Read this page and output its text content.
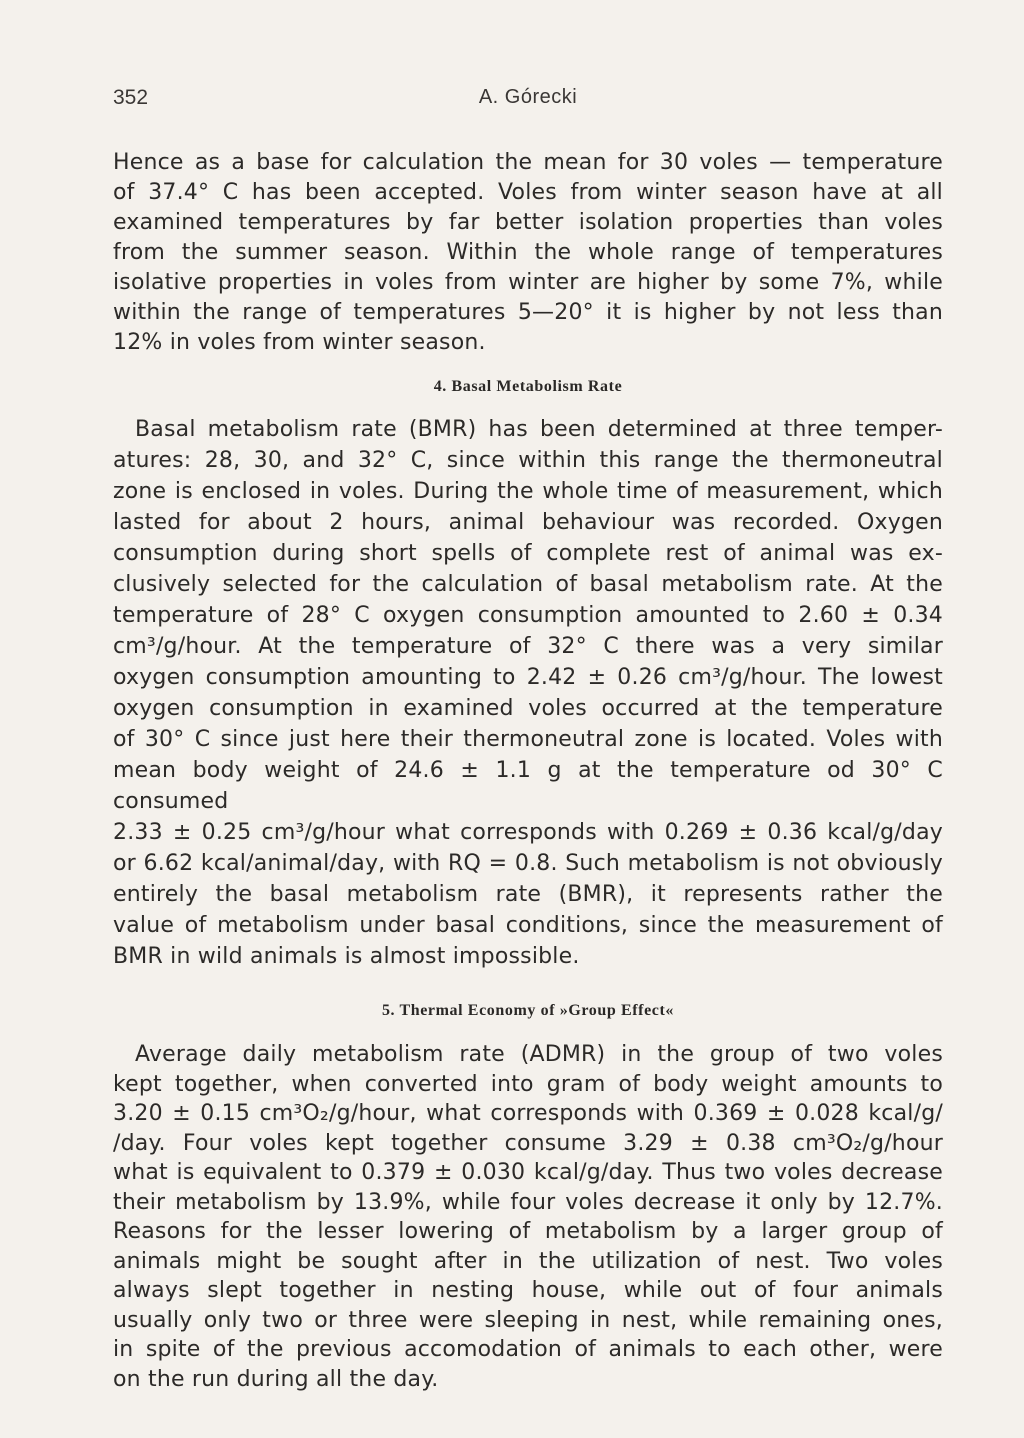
352	A. Górecki
Hence as a base for calculation the mean for 30 voles — temperature
of 37.4° C has been accepted. Voles from winter season have at all
examined temperatures by far better isolation properties than voles
from the summer season. Within the whole range of temperatures
isolative properties in voles from winter are higher by some 7%, while
within the range of temperatures 5—20° it is higher by not less than
12% in voles from winter season.
4. Basal Metabolism Rate
Basal metabolism rate (BMR) has been determined at three temper-
atures: 28, 30, and 32° C, since within this range the thermoneutral
zone is enclosed in voles. During the whole time of measurement, which
lasted for about 2 hours, animal behaviour was recorded. Oxygen
consumption during short spells of complete rest of animal was ex-
clusively selected for the calculation of basal metabolism rate. At the
temperature of 28° C oxygen consumption amounted to 2.60 ± 0.34
cm³/g/hour. At the temperature of 32° C there was a very similar
oxygen consumption amounting to 2.42 ± 0.26 cm³/g/hour. The lowest
oxygen consumption in examined voles occurred at the temperature
of 30° C since just here their thermoneutral zone is located. Voles with
mean body weight of 24.6 ± 1.1 g at the temperature od 30° C consumed
2.33 ± 0.25 cm³/g/hour what corresponds with 0.269 ± 0.36 kcal/g/day
or 6.62 kcal/animal/day, with RQ = 0.8. Such metabolism is not obviously
entirely the basal metabolism rate (BMR), it represents rather the
value of metabolism under basal conditions, since the measurement of
BMR in wild animals is almost impossible.
5. Thermal Economy of »Group Effect«
Average daily metabolism rate (ADMR) in the group of two voles
kept together, when converted into gram of body weight amounts to
3.20 ± 0.15 cm³O₂/g/hour, what corresponds with 0.369 ± 0.028 kcal/g/
/day. Four voles kept together consume 3.29 ± 0.38 cm³O₂/g/hour
what is equivalent to 0.379 ± 0.030 kcal/g/day. Thus two voles decrease
their metabolism by 13.9%, while four voles decrease it only by 12.7%.
Reasons for the lesser lowering of metabolism by a larger group of
animals might be sought after in the utilization of nest. Two voles
always slept together in nesting house, while out of four animals
usually only two or three were sleeping in nest, while remaining ones,
in spite of the previous accomodation of animals to each other, were
on the run during all the day.
